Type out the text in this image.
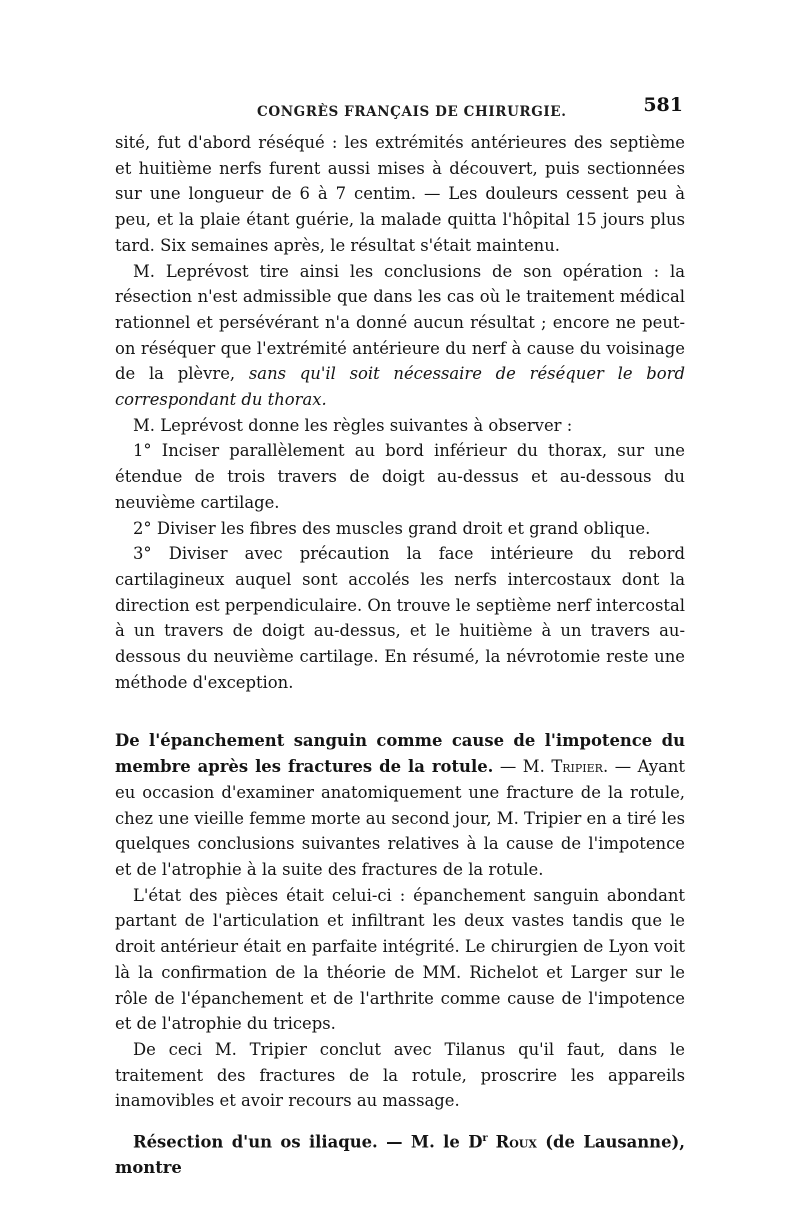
CONGRÈS FRANÇAIS DE CHIRURGIE.	581

sité, fut d'abord réséqué : les extrémités antérieures des septième et huitième nerfs furent aussi mises à découvert, puis sectionnées sur une longueur de 6 à 7 centim. — Les douleurs cessent peu à peu, et la plaie étant guérie, la malade quitta l'hôpital 15 jours plus tard. Six semaines après, le résultat s'était maintenu.

M. Leprévost tire ainsi les conclusions de son opération : la résection n'est admissible que dans les cas où le traitement médical rationnel et persévérant n'a donné aucun résultat ; encore ne peut-on réséquer que l'extrémité antérieure du nerf à cause du voisinage de la plèvre, sans qu'il soit nécessaire de réséquer le bord correspondant du thorax.

M. Leprévost donne les règles suivantes à observer :

1° Inciser parallèlement au bord inférieur du thorax, sur une étendue de trois travers de doigt au-dessus et au-dessous du neuvième cartilage.

2° Diviser les fibres des muscles grand droit et grand oblique.

3° Diviser avec précaution la face intérieure du rebord cartilagineux auquel sont accolés les nerfs intercostaux dont la direction est perpendiculaire. On trouve le septième nerf intercostal à un travers de doigt au-dessus, et le huitième à un travers au-dessous du neuvième cartilage. En résumé, la névrotomie reste une méthode d'exception.

De l'épanchement sanguin comme cause de l'impotence du membre après les fractures de la rotule. — M. Tripier. — Ayant eu occasion d'examiner anatomiquement une fracture de la rotule, chez une vieille femme morte au second jour, M. Tripier en a tiré les quelques conclusions suivantes relatives à la cause de l'impotence et de l'atrophie à la suite des fractures de la rotule.

L'état des pièces était celui-ci : épanchement sanguin abondant partant de l'articulation et infiltrant les deux vastes tandis que le droit antérieur était en parfaite intégrité. Le chirurgien de Lyon voit là la confirmation de la théorie de MM. Richelot et Larger sur le rôle de l'épanchement et de l'arthrite comme cause de l'impotence et de l'atrophie du triceps.

De ceci M. Tripier conclut avec Tilanus qu'il faut, dans le traitement des fractures de la rotule, proscrire les appareils inamovibles et avoir recours au massage.

Résection d'un os iliaque. — M. le $D^r$ Roux (de Lausanne), montre
